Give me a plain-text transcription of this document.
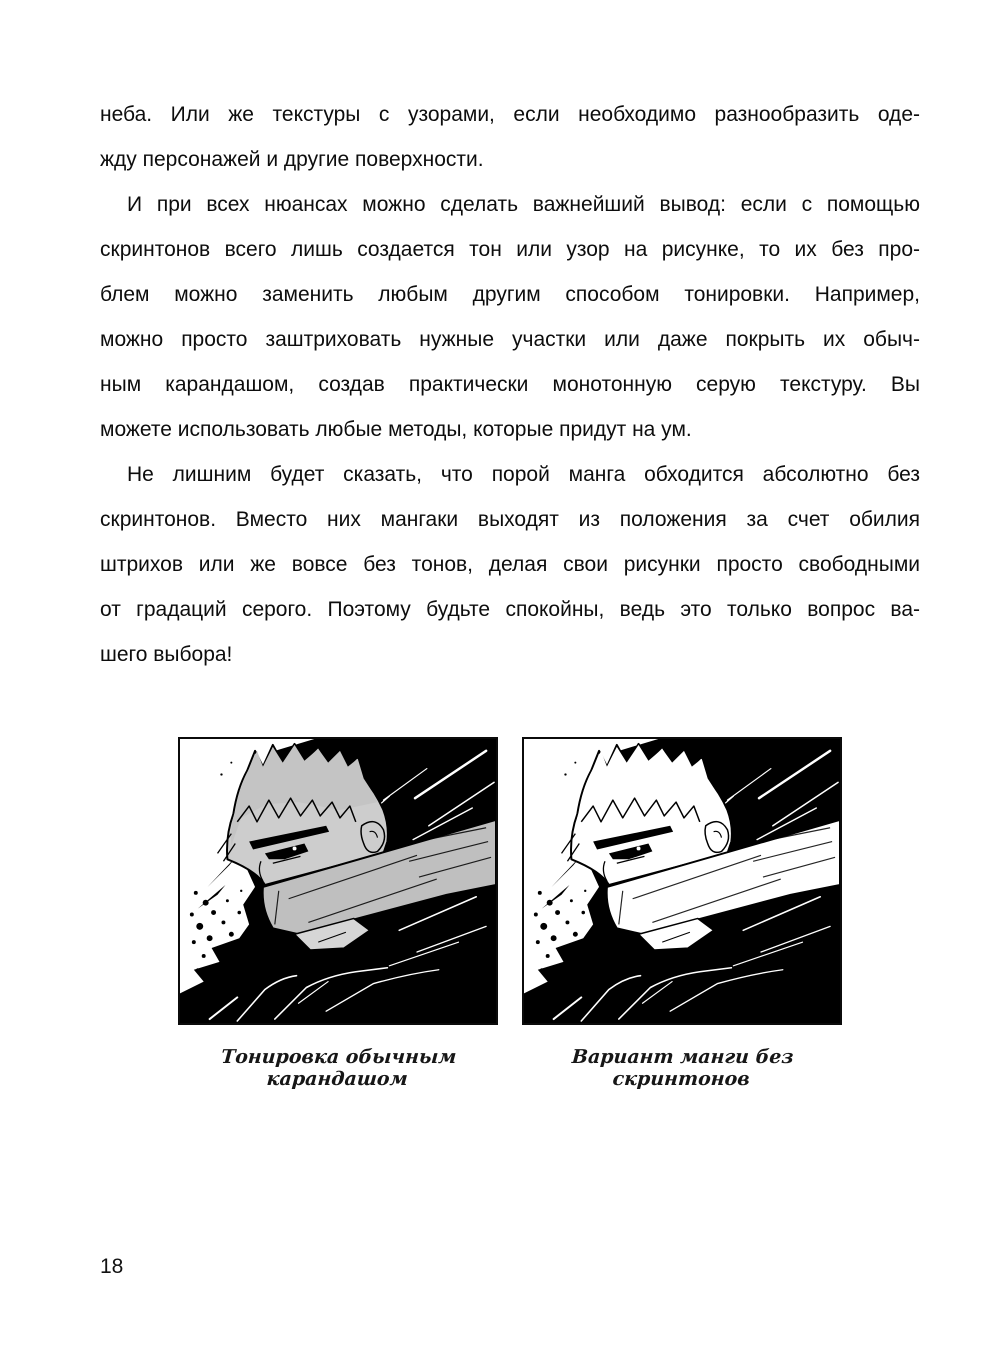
неба. Или же текстуры с узорами, если необходимо разнообразить оде-
жду персонажей и другие поверхности.
И при всех нюансах можно сделать важнейший вывод: если с помощью
скринтонов всего лишь создается тон или узор на рисунке, то их без про-
блем можно заменить любым другим способом тонировки. Например,
можно просто заштриховать нужные участки или даже покрыть их обыч-
ным карандашом, создав практически монотонную серую текстуру. Вы
можете использовать любые методы, которые придут на ум.
Не лишним будет сказать, что порой манга обходится абсолютно без
скринтонов. Вместо них мангаки выходят из положения за счет обилия
штрихов или же вовсе без тонов, делая свои рисунки просто свободными
от градаций серого. Поэтому будьте спокойны, ведь это только вопрос ва-
шего выбора!
Тонировка обычным карандашом
Вариант манги без скринтонов
18
